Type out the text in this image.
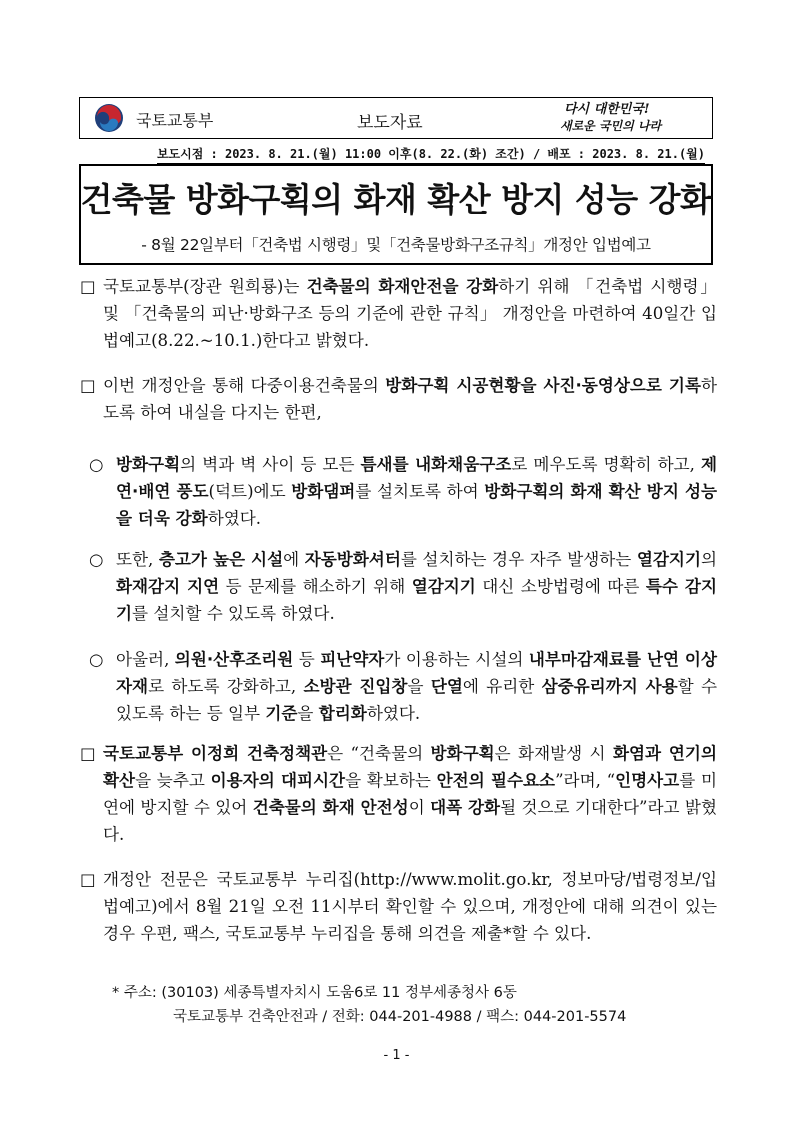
국토교통부	보도자료
다시 대한민국!
새로운 국민의 나라
보도시점 : 2023. 8. 21.(월) 11:00 이후(8. 22.(화) 조간) / 배포 : 2023. 8. 21.(월)
건축물 방화구획의 화재 확산 방지 성능 강화
- 8월 22일부터「건축법 시행령」및「건축물방화구조규칙」개정안 입법예고
□ 국토교통부(장관 원희룡)는 건축물의 화재안전을 강화하기 위해 「건축법 시행령」 및 「건축물의 피난·방화구조 등의 기준에 관한 규칙」 개정안을 마련하여 40일간 입법예고(8.22.~10.1.)한다고 밝혔다.
□ 이번 개정안을 통해 다중이용건축물의 방화구획 시공현황을 사진·동영상으로 기록하도록 하여 내실을 다지는 한편,
○ 방화구획의 벽과 벽 사이 등 모든 틈새를 내화채움구조로 메우도록 명확히 하고, 제연·배연 풍도(덕트)에도 방화댐퍼를 설치토록 하여 방화구획의 화재 확산 방지 성능을 더욱 강화하였다.
○ 또한, 층고가 높은 시설에 자동방화셔터를 설치하는 경우 자주 발생하는 열감지기의 화재감지 지연 등 문제를 해소하기 위해 열감지기 대신 소방법령에 따른 특수 감지기를 설치할 수 있도록 하였다.
○ 아울러, 의원·산후조리원 등 피난약자가 이용하는 시설의 내부마감재료를 난연 이상 자재로 하도록 강화하고, 소방관 진입창을 단열에 유리한 삼중유리까지 사용할 수 있도록 하는 등 일부 기준을 합리화하였다.
□ 국토교통부 이정희 건축정책관은 “건축물의 방화구획은 화재발생 시 화염과 연기의 확산을 늦추고 이용자의 대피시간을 확보하는 안전의 필수요소”라며, “인명사고를 미연에 방지할 수 있어 건축물의 화재 안전성이 대폭 강화될 것으로 기대한다”라고 밝혔다.
□ 개정안 전문은 국토교통부 누리집(http://www.molit.go.kr, 정보마당/법령정보/입법예고)에서 8월 21일 오전 11시부터 확인할 수 있으며, 개정안에 대해 의견이 있는 경우 우편, 팩스, 국토교통부 누리집을 통해 의견을 제출*할 수 있다.
* 주소: (30103) 세종특별자치시 도움6로 11 정부세종청사 6동
국토교통부 건축안전과 / 전화: 044-201-4988 / 팩스: 044-201-5574
- 1 -
